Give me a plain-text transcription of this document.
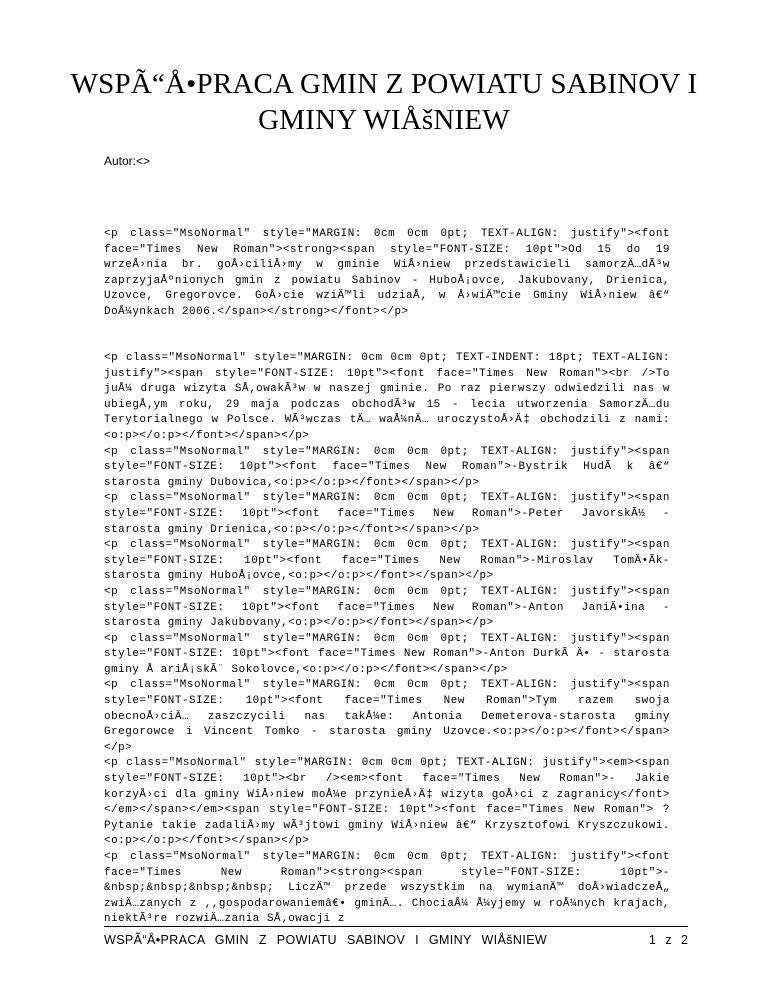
WSPÃ“Å•PRACA GMIN Z POWIATU SABINOV I GMINY WIÅšNIEW
Autor:<>
<p class="MsoNormal" style="MARGIN: 0cm 0cm 0pt; TEXT-ALIGN: justify"><font face="Times New Roman"><strong><span style="FONT-SIZE: 10pt">Od 15 do 19 wrzeÅ›nia br. goÅ›ciliÅ›my w gminie WiÅ›niew przedstawicieli samorzÄ…dÃ³w zaprzyjaÅºnionych gmin z powiatu Sabinov - HuboÅ¡ovce, Jakubovany, Drienica, Uzovce, Gregorovce. GoÅ›cie wziÄ™li udziaÅ‚ w Å›wiÄ™cie Gminy WiÅ›niew â€“ DoÅ¼ynkach 2006.</span></strong></font></p>
<p class="MsoNormal" style="MARGIN: 0cm 0cm 0pt; TEXT-INDENT: 18pt; TEXT-ALIGN: justify"><span style="FONT-SIZE: 10pt"><font face="Times New Roman"><br />To juÅ¼ druga wizyta SÅ‚owakÃ³w w naszej gminie. Po raz pierwszy odwiedzili nas w ubiegÅ‚ym roku, 29 maja podczas obchodÃ³w 15 - lecia utworzenia SamorzÄ…du Terytorialnego w Polsce. WÃ³wczas tÄ… waÅ¼nÄ… uroczystoÅ›Ä‡ obchodzili z nami:<o:p></o:p></font></span></p>
<p class="MsoNormal" style="MARGIN: 0cm 0cm 0pt; TEXT-ALIGN: justify"><span style="FONT-SIZE: 10pt"><font face="Times New Roman">-Bystrik HudÃ k â€“ starosta gminy Dubovica,<o:p></o:p></font></span></p>
<p class="MsoNormal" style="MARGIN: 0cm 0cm 0pt; TEXT-ALIGN: justify"><span style="FONT-SIZE: 10pt"><font face="Times New Roman">-Peter JavorskÃ½ - starosta gminy Drienica,<o:p></o:p></font></span></p>
<p class="MsoNormal" style="MARGIN: 0cm 0cm 0pt; TEXT-ALIGN: justify"><span style="FONT-SIZE: 10pt"><font face="Times New Roman">-Miroslav TomÄ•Ãk- starosta gminy HuboÅ¡ovce,<o:p></o:p></font></span></p>
<p class="MsoNormal" style="MARGIN: 0cm 0cm 0pt; TEXT-ALIGN: justify"><span style="FONT-SIZE: 10pt"><font face="Times New Roman">-Anton JaniÄ•ina - starosta gminy Jakubovany,<o:p></o:p></font></span></p>
<p class="MsoNormal" style="MARGIN: 0cm 0cm 0pt; TEXT-ALIGN: justify"><span style="FONT-SIZE: 10pt"><font face="Times New Roman">-Anton DurkÃ Ä• - starosta gminy Å ariÅ¡skÃ¨ Sokolovce,<o:p></o:p></font></span></p>
<p class="MsoNormal" style="MARGIN: 0cm 0cm 0pt; TEXT-ALIGN: justify"><span style="FONT-SIZE: 10pt"><font face="Times New Roman">Tym razem swoja obecnoÅ›ciÄ… zaszczycili nas takÅ¼e: Antonia Demeterova-starosta gminy Gregorowce i Vincent Tomko - starosta gminy Uzovce.<o:p></o:p></font></span></p>
<p class="MsoNormal" style="MARGIN: 0cm 0cm 0pt; TEXT-ALIGN: justify"><em><span style="FONT-SIZE: 10pt"><br /><em><font face="Times New Roman">- Jakie korzyÅ›ci dla gminy WiÅ›niew moÅ¼e przynieÅ›Ä‡ wizyta goÅ›ci z zagranicy</font></em></span></em><span style="FONT-SIZE: 10pt"><font face="Times New Roman"> ? Pytanie takie zadaliÅ›my wÃ³jtowi gminy WiÅ›niew â€“ Krzysztofowi Kryszczukowi.<o:p></o:p></font></span></p>
<p class="MsoNormal" style="MARGIN: 0cm 0cm 0pt; TEXT-ALIGN: justify"><font face="Times New Roman"><strong><span style="FONT-SIZE: 10pt">-&nbsp;&nbsp;&nbsp;&nbsp; LiczÄ™ przede wszystkim na wymianÄ™ doÅ›wiadczeÅ„ zwiÄ…zanych z ,,gospodarowaniemâ€• gminÄ…. ChociaÅ¼ Å¼yjemy w roÅ¼nych krajach, niektÃ³re rozwiÄ…zania SÅ‚owacji z
WSPÃ“Å•PRACA GMIN Z POWIATU SABINOV I GMINY WIÅšNIEW	1 z 2
